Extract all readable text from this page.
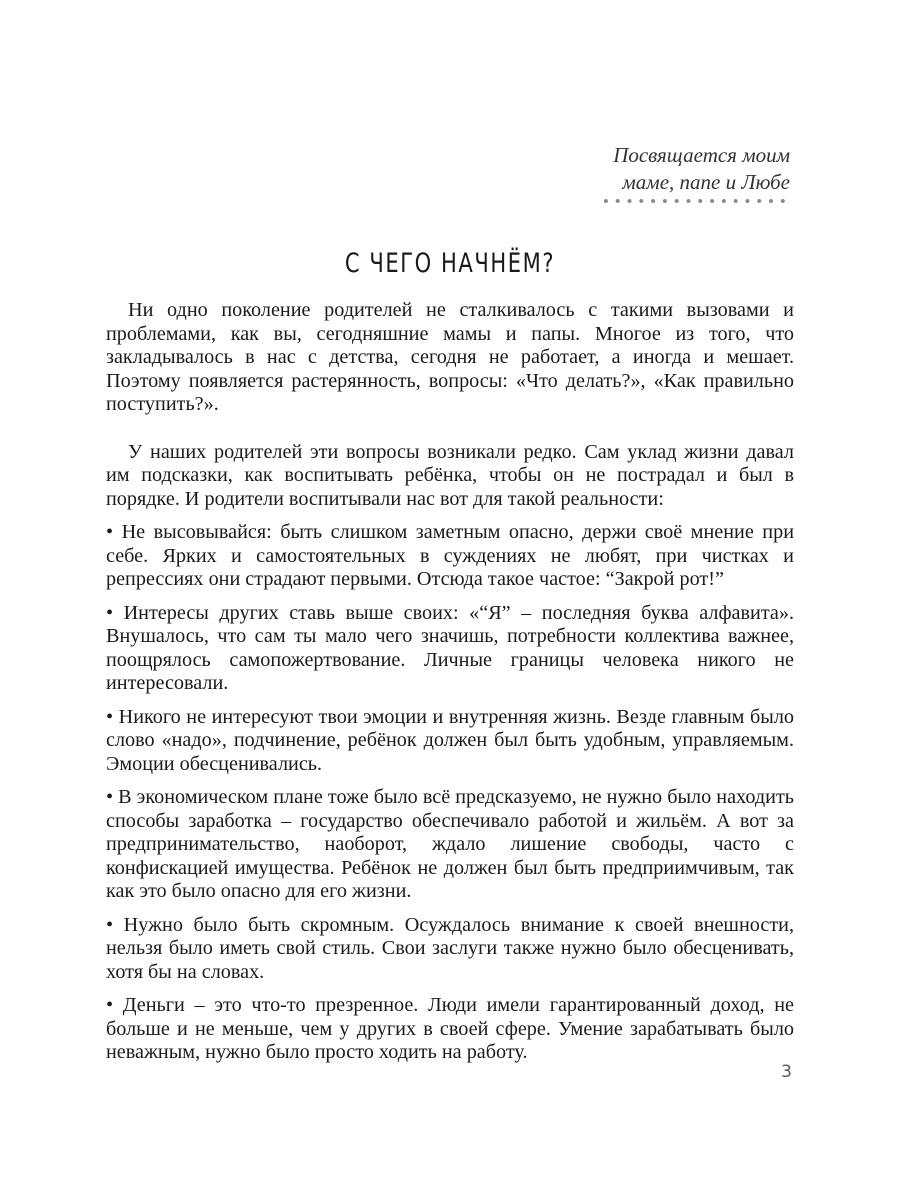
Посвящается моим
маме, папе и Любе
С ЧЕГО НАЧНЁМ?

Ни одно поколение родителей не сталкивалось с такими вызовами и проблемами, как вы, сегодняшние мамы и папы. Многое из того, что закладывалось в нас с детства, сегодня не работает, а иногда и мешает. Поэтому появляется растерянность, вопросы: «Что делать?», «Как правильно поступить?».

У наших родителей эти вопросы возникали редко. Сам уклад жизни давал им подсказки, как воспитывать ребёнка, чтобы он не пострадал и был в порядке. И родители воспитывали нас вот для такой реальности:

• Не высовывайся: быть слишком заметным опасно, держи своё мнение при себе. Ярких и самостоятельных в суждениях не любят, при чистках и репрессиях они страдают первыми. Отсюда такое частое: “Закрой рот!”

• Интересы других ставь выше своих: «“Я” – последняя буква алфавита». Внушалось, что сам ты мало чего значишь, потребности коллектива важнее, поощрялось самопожертвование. Личные границы человека никого не интересовали.

• Никого не интересуют твои эмоции и внутренняя жизнь. Везде главным было слово «надо», подчинение, ребёнок должен был быть удобным, управляемым. Эмоции обесценивались.

• В экономическом плане тоже было всё предсказуемо, не нужно было находить способы заработка – государство обеспечивало работой и жильём. А вот за предпринимательство, наоборот, ждало лишение свободы, часто с конфискацией имущества. Ребёнок не должен был быть предприимчивым, так как это было опасно для его жизни.

• Нужно было быть скромным. Осуждалось внимание к своей внешности, нельзя было иметь свой стиль. Свои заслуги также нужно было обесценивать, хотя бы на словах.

• Деньги – это что-то презренное. Люди имели гарантированный доход, не больше и не меньше, чем у других в своей сфере. Умение зарабатывать было неважным, нужно было просто ходить на работу.

3
